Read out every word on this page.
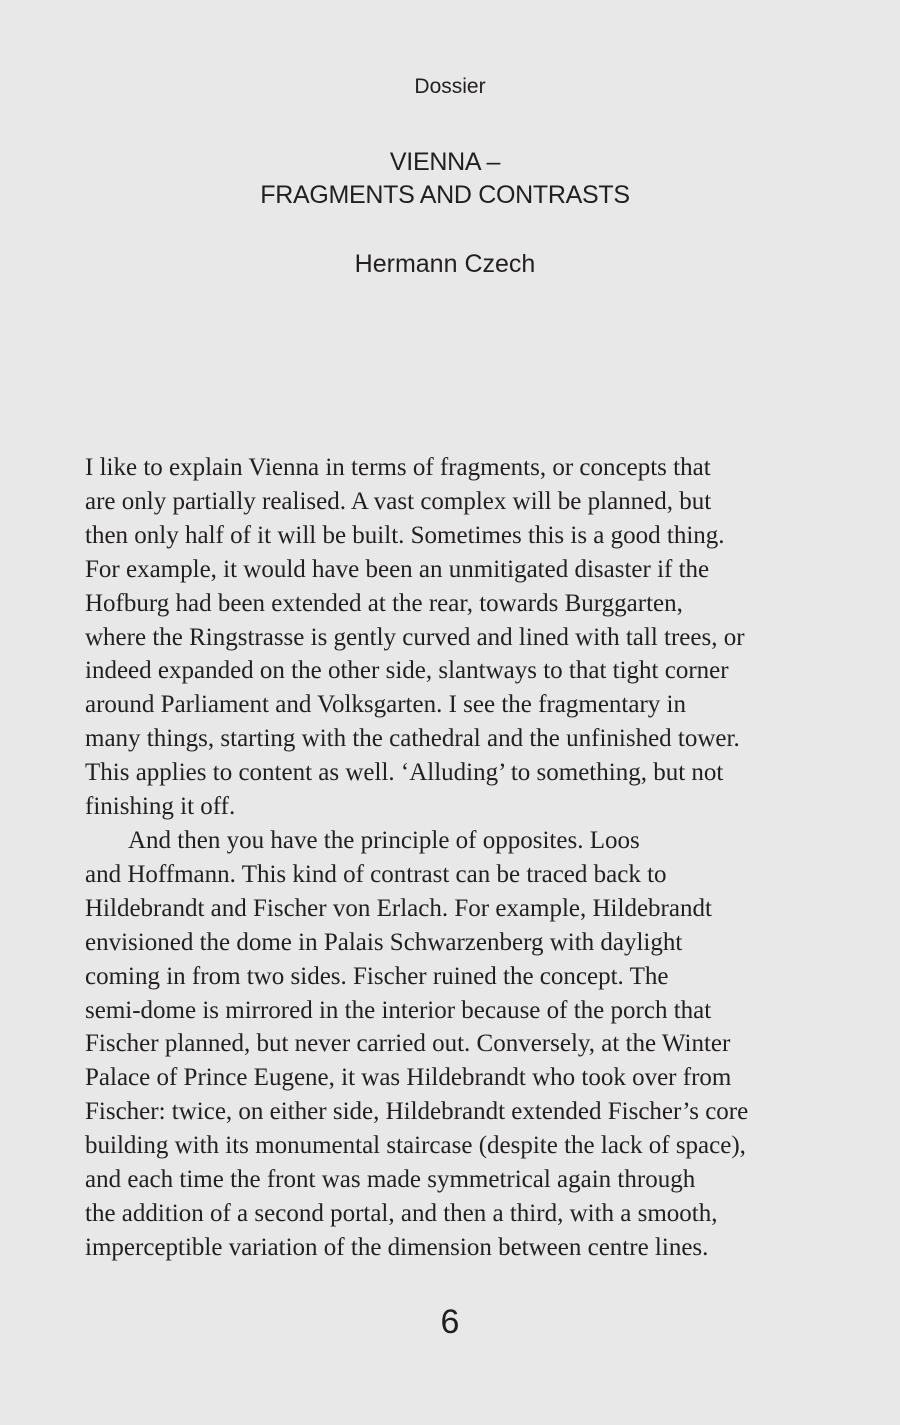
Dossier
VIENNA –
FRAGMENTS AND CONTRASTS
Hermann Czech
I like to explain Vienna in terms of fragments, or concepts that
are only partially realised. A vast complex will be planned, but
then only half of it will be built. Sometimes this is a good thing.
For example, it would have been an unmitigated disaster if the
Hofburg had been extended at the rear, towards Burggarten,
where the Ringstrasse is gently curved and lined with tall trees, or
indeed expanded on the other side, slantways to that tight corner
around Parliament and Volksgarten. I see the fragmentary in
many things, starting with the cathedral and the unfinished tower.
This applies to content as well. ‘Alluding’ to something, but not
finishing it off.
And then you have the principle of opposites. Loos
and Hoffmann. This kind of contrast can be traced back to
Hildebrandt and Fischer von Erlach. For example, Hildebrandt
envisioned the dome in Palais Schwarzenberg with daylight
coming in from two sides. Fischer ruined the concept. The
semi-dome is mirrored in the interior because of the porch that
Fischer planned, but never carried out. Conversely, at the Winter
Palace of Prince Eugene, it was Hildebrandt who took over from
Fischer: twice, on either side, Hildebrandt extended Fischer’s core
building with its monumental staircase (despite the lack of space),
and each time the front was made symmetrical again through
the addition of a second portal, and then a third, with a smooth,
imperceptible variation of the dimension between centre lines.
6
